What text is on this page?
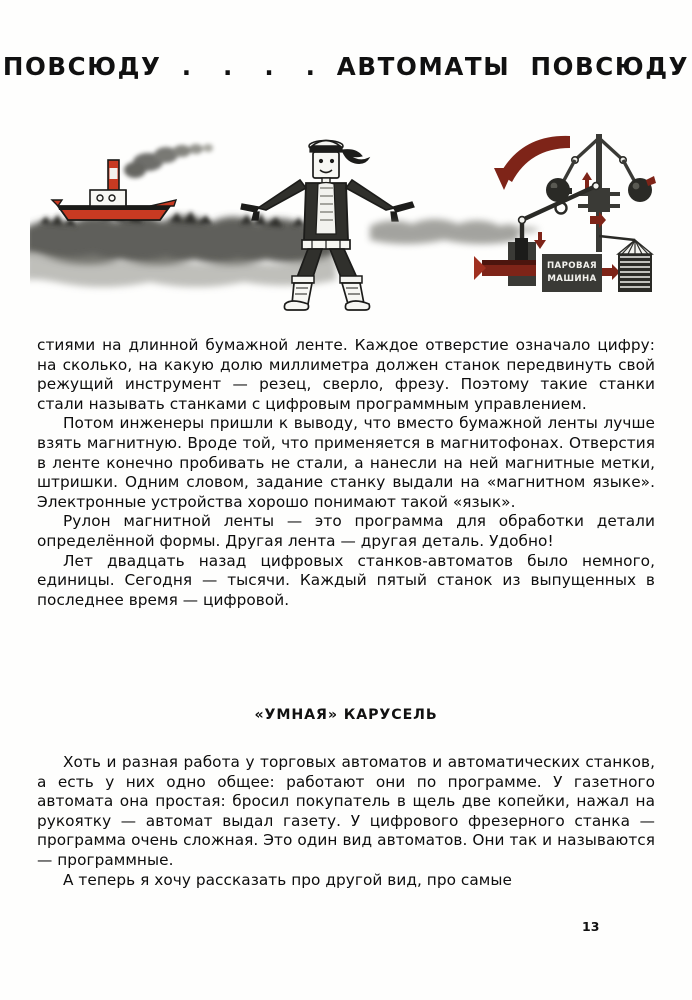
ПОВСЮДУ  .   .   .   .  АВТОМАТЫ  ПОВСЮДУ
ПАРОВАЯ
МАШИНА

стиями на длинной бумажной ленте. Каждое отверстие означало цифру: на сколько, на какую долю миллиметра должен станок передвинуть свой режущий инструмент — резец, сверло, фрезу. Поэтому такие станки стали называть станками с цифровым программным управлением.

Потом инженеры пришли к выводу, что вместо бумажной ленты лучше взять магнитную. Вроде той, что применяется в магнитофонах. Отверстия в ленте конечно пробивать не стали, а нанесли на ней магнитные метки, штришки. Одним словом, задание станку выдали на «магнитном языке». Электронные устройства хорошо понимают такой «язык».

Рулон магнитной ленты — это программа для обработки детали определённой формы. Другая лента — другая деталь. Удобно!

Лет двадцать назад цифровых станков-автоматов было немного, единицы. Сегодня — тысячи. Каждый пятый станок из выпущенных в последнее время — цифровой.

«УМНАЯ» КАРУСЕЛЬ

Хоть и разная работа у торговых автоматов и автоматических станков, а есть у них одно общее: работают они по программе. У газетного автомата она простая: бросил покупатель в щель две копейки, нажал на рукоятку — автомат выдал газету. У цифрового фрезерного станка — программа очень сложная. Это один вид автоматов. Они так и называются — программные.

А теперь я хочу рассказать про другой вид, про самые

13
